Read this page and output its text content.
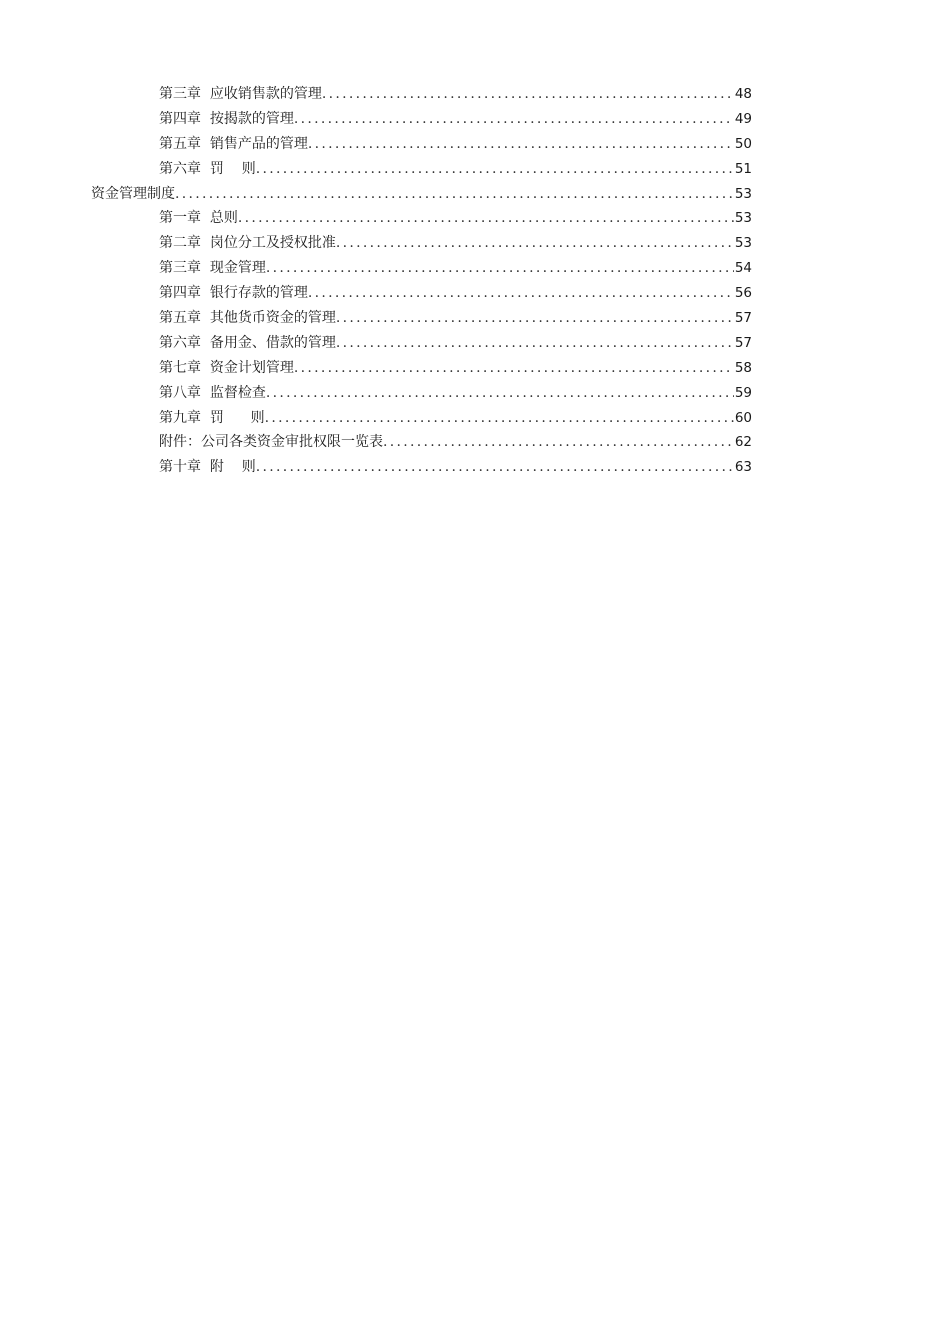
第三章  应收销售款的管理 .....	48
第四章  按揭款的管理 .....	49
第五章  销售产品的管理 .....	50
第六章  罚    则 .....	51
资金管理制度 .....	53
第一章  总则 .....	53
第二章  岗位分工及授权批准 .....	53
第三章  现金管理 .....	54
第四章  银行存款的管理 .....	56
第五章  其他货币资金的管理 .....	57
第六章  备用金、借款的管理 .....	57
第七章  资金计划管理 .....	58
第八章  监督检查 .....	59
第九章  罚      则 .....	60
附件：公司各类资金审批权限一览表 .....	62
第十章  附    则 .....	63
